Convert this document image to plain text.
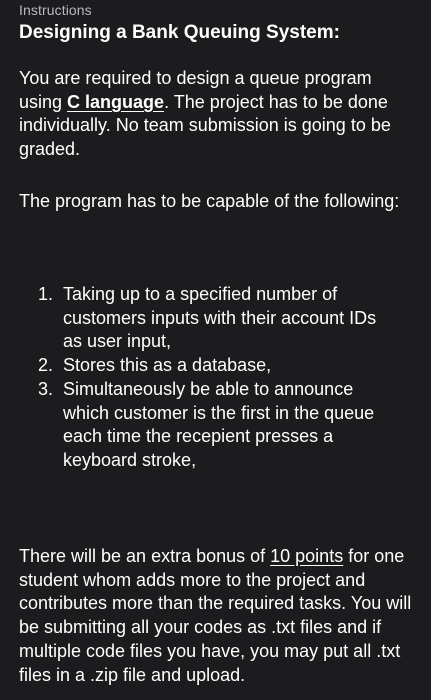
Instructions
Designing a Bank Queuing System:

You are required to design a queue program using C language. The project has to be done individually. No team submission is going to be graded.

The program has to be capable of the following:

1. Taking up to a specified number of customers inputs with their account IDs as user input,
2. Stores this as a database,
3. Simultaneously be able to announce which customer is the first in the queue each time the recepient presses a keyboard stroke,

There will be an extra bonus of 10 points for one student whom adds more to the project and contributes more than the required tasks. You will be submitting all your codes as .txt files and if multiple code files you have, you may put all .txt files in a .zip file and upload.
